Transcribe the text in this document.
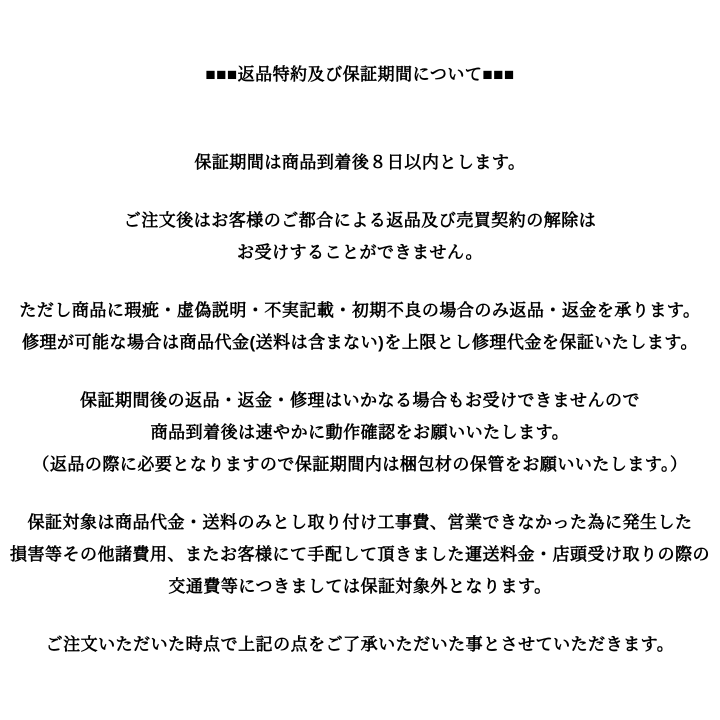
■■■返品特約及び保証期間について■■■

保証期間は商品到着後８日以内とします。

ご注文後はお客様のご都合による返品及び売買契約の解除は

お受けすることができません。

ただし商品に瑕疵・虚偽説明・不実記載・初期不良の場合のみ返品・返金を承ります。

修理が可能な場合は商品代金(送料は含まない)を上限とし修理代金を保証いたします。

保証期間後の返品・返金・修理はいかなる場合もお受けできませんので

商品到着後は速やかに動作確認をお願いいたします。

（返品の際に必要となりますので保証期間内は梱包材の保管をお願いいたします。）

保証対象は商品代金・送料のみとし取り付け工事費、営業できなかった為に発生した

損害等その他諸費用、またお客様にて手配して頂きました運送料金・店頭受け取りの際の

交通費等につきましては保証対象外となります。

ご注文いただいた時点で上記の点をご了承いただいた事とさせていただきます。
